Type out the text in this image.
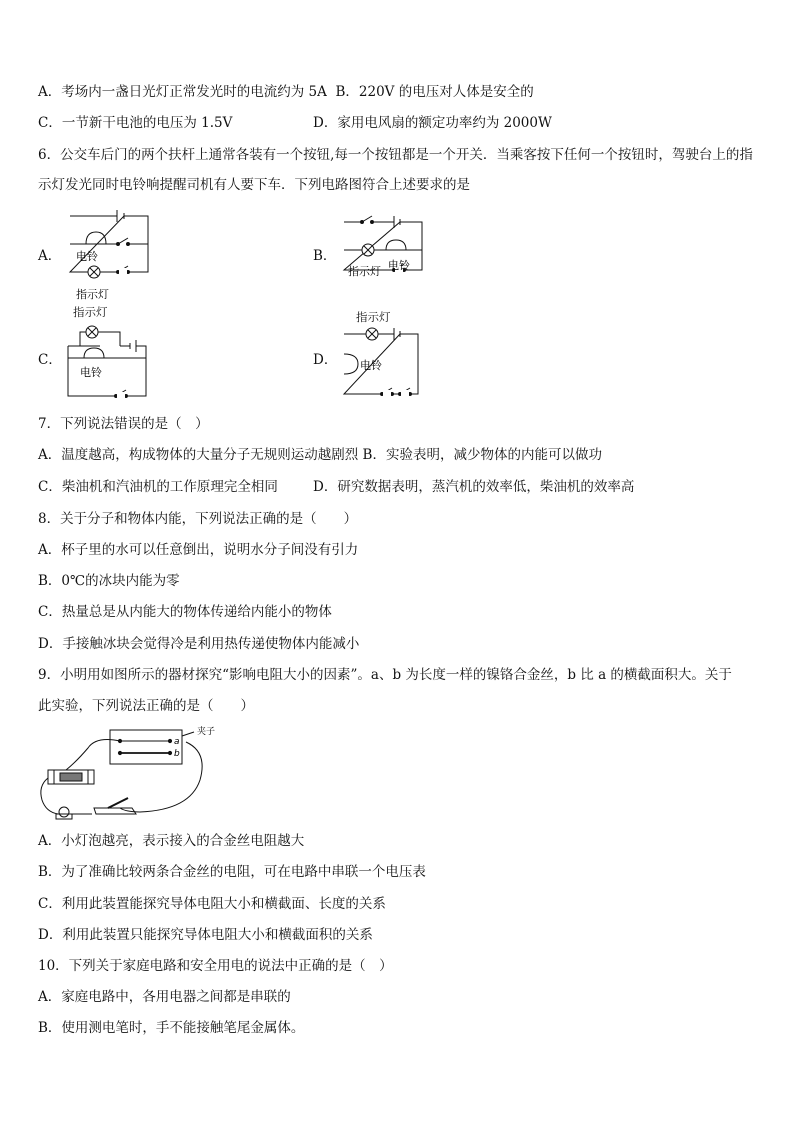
A．考场内一盏日光灯正常发光时的电流约为 5A B．220V 的电压对人体是安全的
C．一节新干电池的电压为 1.5V	D．家用电风扇的额定功率约为 2000W
6．公交车后门的两个扶杆上通常各装有一个按钮,每一个按钮都是一个开关．当乘客按下任何一个按钮时，驾驶台上的指
示灯发光同时电铃响提醒司机有人要下车．下列电路图符合上述要求的是
A． 电铃
指示灯
B．
指示灯 电铃
C．
指示灯
电铃
D．
指示灯
电铃
7．下列说法错误的是（　）
A．温度越高，构成物体的大量分子无规则运动越剧烈 B．实验表明，减少物体的内能可以做功
C．柴油机和汽油机的工作原理完全相同	D．研究数据表明，蒸汽机的效率低，柴油机的效率高
8．关于分子和物体内能，下列说法正确的是（　　）
A．杯子里的水可以任意倒出，说明水分子间没有引力
B．0℃的冰块内能为零
C．热量总是从内能大的物体传递给内能小的物体
D．手接触冰块会觉得冷是利用热传递使物体内能减小
9．小明用如图所示的器材探究“影响电阻大小的因素”。a、b 为长度一样的镍铬合金丝，b 比 a 的横截面积大。关于
此实验，下列说法正确的是（　　）
夹子
a
b
A．小灯泡越亮，表示接入的合金丝电阻越大
B．为了准确比较两条合金丝的电阻，可在电路中串联一个电压表
C．利用此装置能探究导体电阻大小和横截面、长度的关系
D．利用此装置只能探究导体电阻大小和横截面积的关系
10．下列关于家庭电路和安全用电的说法中正确的是（　）
A．家庭电路中，各用电器之间都是串联的
B．使用测电笔时，手不能接触笔尾金属体。
